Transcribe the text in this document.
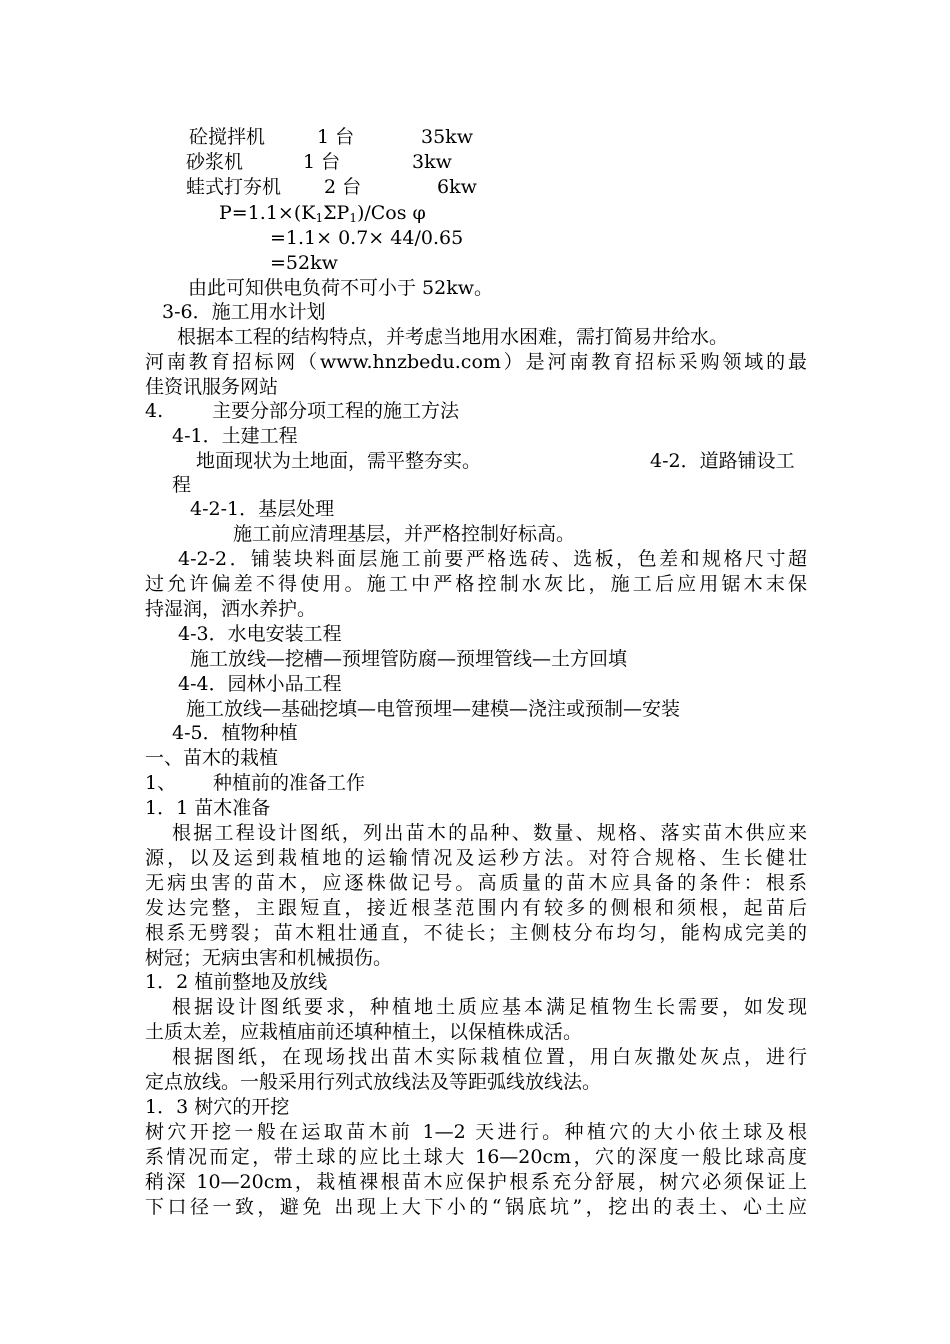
砼搅拌机	1 台	35kw
砂浆机	1 台	3kw
蛙式打夯机 2 台	6kw
$P=1.1\times(K_1\Sigma P_1)$/Cos φ
=1.1× 0.7× 44/0.65
=52kw
由此可知供电负荷不可小于 52kw。
3-6．施工用水计划
根据本工程的结构特点，并考虑当地用水困难，需打简易井给水。
河南教育招标网（www.hnzbedu.com）是河南教育招标采购领域的最
佳资讯服务网站
4.	主要分部分项工程的施工方法
4-1．土建工程
地面现状为土地面，需平整夯实。	4-2．道路铺设工
程
4-2-1．基层处理
施工前应清理基层，并严格控制好标高。
4-2-2．铺装块料面层施工前要严格选砖、选板，色差和规格尺寸超
过允许偏差不得使用。施工中严格控制水灰比，施工后应用锯木末保
持湿润，洒水养护。
4-3．水电安装工程
施工放线—挖槽—预埋管防腐—预埋管线—土方回填
4-4．园林小品工程
施工放线—基础挖填—电管预埋—建模—浇注或预制—安装
4-5．植物种植
一、苗木的栽植
1、 种植前的准备工作
1．1 苗木准备
根据工程设计图纸，列出苗木的品种、数量、规格、落实苗木供应来
源，以及运到栽植地的运输情况及运秒方法。对符合规格、生长健壮
无病虫害的苗木，应逐株做记号。高质量的苗木应具备的条件：根系
发达完整，主跟短直，接近根茎范围内有较多的侧根和须根，起苗后
根系无劈裂；苗木粗壮通直，不徒长；主侧枝分布均匀，能构成完美的
树冠；无病虫害和机械损伤。
1．2 植前整地及放线
根据设计图纸要求，种植地土质应基本满足植物生长需要，如发现
土质太差，应栽植庙前还填种植土，以保植株成活。
根据图纸，在现场找出苗木实际栽植位置，用白灰撒处灰点，进行
定点放线。一般采用行列式放线法及等距弧线放线法。
1．3 树穴的开挖
树穴开挖一般在运取苗木前 1—2 天进行。种植穴的大小依土球及根
系情况而定，带土球的应比土球大 16—20cm，穴的深度一般比球高度
稍深 10—20cm，栽植裸根苗木应保护根系充分舒展，树穴必须保证上
下口径一致，避免 出现上大下小的“锅底坑”，挖出的表土、心土应
